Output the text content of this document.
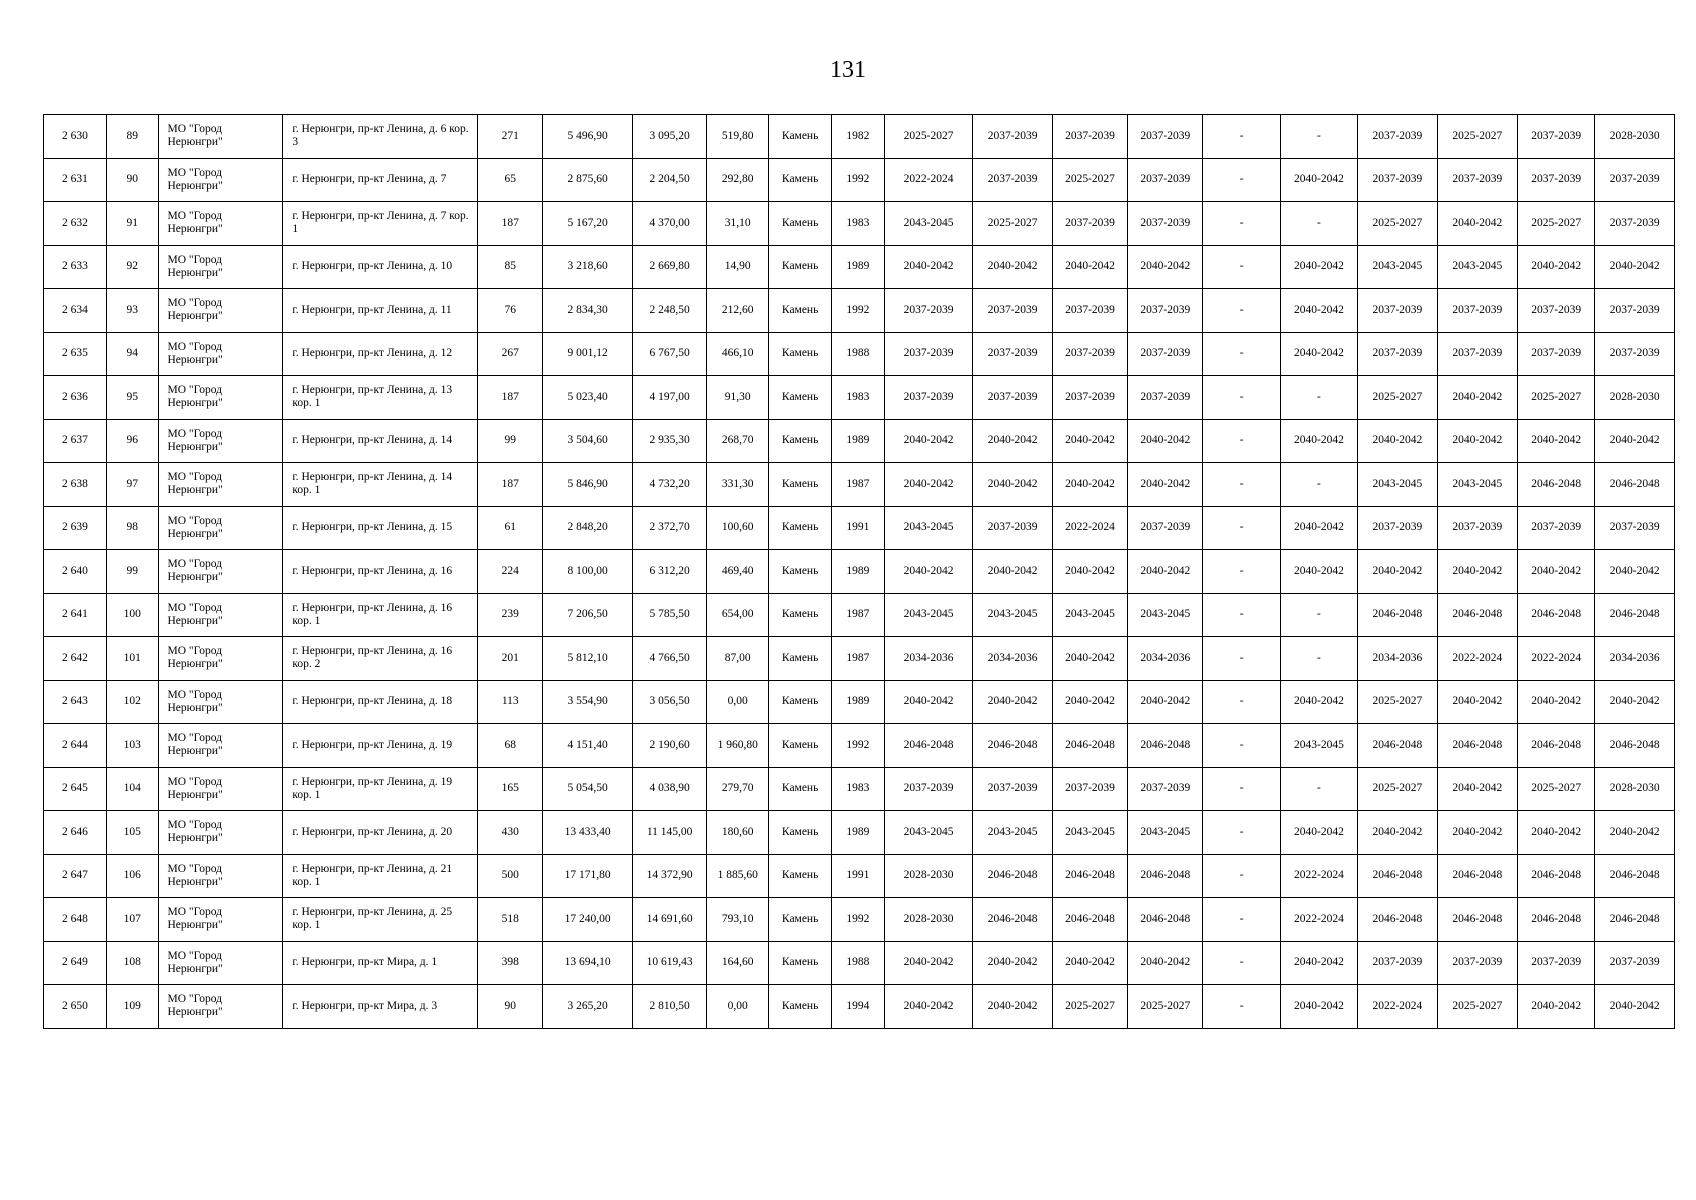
131
2 630	89	МО "Город Нерюнгри"	г. Нерюнгри, пр-кт Ленина, д. 6 кор. 3	271	5 496,90	3 095,20	519,80	Камень	1982	2025-2027	2037-2039	2037-2039	2037-2039	-	-	2037-2039	2025-2027	2037-2039	2028-2030
2 631	90	МО "Город Нерюнгри"	г. Нерюнгри, пр-кт Ленина, д. 7	65	2 875,60	2 204,50	292,80	Камень	1992	2022-2024	2037-2039	2025-2027	2037-2039	-	2040-2042	2037-2039	2037-2039	2037-2039	2037-2039
2 632	91	МО "Город Нерюнгри"	г. Нерюнгри, пр-кт Ленина, д. 7 кор. 1	187	5 167,20	4 370,00	31,10	Камень	1983	2043-2045	2025-2027	2037-2039	2037-2039	-	-	2025-2027	2040-2042	2025-2027	2037-2039
2 633	92	МО "Город Нерюнгри"	г. Нерюнгри, пр-кт Ленина, д. 10	85	3 218,60	2 669,80	14,90	Камень	1989	2040-2042	2040-2042	2040-2042	2040-2042	-	2040-2042	2043-2045	2043-2045	2040-2042	2040-2042
2 634	93	МО "Город Нерюнгри"	г. Нерюнгри, пр-кт Ленина, д. 11	76	2 834,30	2 248,50	212,60	Камень	1992	2037-2039	2037-2039	2037-2039	2037-2039	-	2040-2042	2037-2039	2037-2039	2037-2039	2037-2039
2 635	94	МО "Город Нерюнгри"	г. Нерюнгри, пр-кт Ленина, д. 12	267	9 001,12	6 767,50	466,10	Камень	1988	2037-2039	2037-2039	2037-2039	2037-2039	-	2040-2042	2037-2039	2037-2039	2037-2039	2037-2039
2 636	95	МО "Город Нерюнгри"	г. Нерюнгри, пр-кт Ленина, д. 13 кор. 1	187	5 023,40	4 197,00	91,30	Камень	1983	2037-2039	2037-2039	2037-2039	2037-2039	-	-	2025-2027	2040-2042	2025-2027	2028-2030
2 637	96	МО "Город Нерюнгри"	г. Нерюнгри, пр-кт Ленина, д. 14	99	3 504,60	2 935,30	268,70	Камень	1989	2040-2042	2040-2042	2040-2042	2040-2042	-	2040-2042	2040-2042	2040-2042	2040-2042	2040-2042
2 638	97	МО "Город Нерюнгри"	г. Нерюнгри, пр-кт Ленина, д. 14 кор. 1	187	5 846,90	4 732,20	331,30	Камень	1987	2040-2042	2040-2042	2040-2042	2040-2042	-	-	2043-2045	2043-2045	2046-2048	2046-2048
2 639	98	МО "Город Нерюнгри"	г. Нерюнгри, пр-кт Ленина, д. 15	61	2 848,20	2 372,70	100,60	Камень	1991	2043-2045	2037-2039	2022-2024	2037-2039	-	2040-2042	2037-2039	2037-2039	2037-2039	2037-2039
2 640	99	МО "Город Нерюнгри"	г. Нерюнгри, пр-кт Ленина, д. 16	224	8 100,00	6 312,20	469,40	Камень	1989	2040-2042	2040-2042	2040-2042	2040-2042	-	2040-2042	2040-2042	2040-2042	2040-2042	2040-2042
2 641	100	МО "Город Нерюнгри"	г. Нерюнгри, пр-кт Ленина, д. 16 кор. 1	239	7 206,50	5 785,50	654,00	Камень	1987	2043-2045	2043-2045	2043-2045	2043-2045	-	-	2046-2048	2046-2048	2046-2048	2046-2048
2 642	101	МО "Город Нерюнгри"	г. Нерюнгри, пр-кт Ленина, д. 16 кор. 2	201	5 812,10	4 766,50	87,00	Камень	1987	2034-2036	2034-2036	2040-2042	2034-2036	-	-	2034-2036	2022-2024	2022-2024	2034-2036
2 643	102	МО "Город Нерюнгри"	г. Нерюнгри, пр-кт Ленина, д. 18	113	3 554,90	3 056,50	0,00	Камень	1989	2040-2042	2040-2042	2040-2042	2040-2042	-	2040-2042	2025-2027	2040-2042	2040-2042	2040-2042
2 644	103	МО "Город Нерюнгри"	г. Нерюнгри, пр-кт Ленина, д. 19	68	4 151,40	2 190,60	1 960,80	Камень	1992	2046-2048	2046-2048	2046-2048	2046-2048	-	2043-2045	2046-2048	2046-2048	2046-2048	2046-2048
2 645	104	МО "Город Нерюнгри"	г. Нерюнгри, пр-кт Ленина, д. 19 кор. 1	165	5 054,50	4 038,90	279,70	Камень	1983	2037-2039	2037-2039	2037-2039	2037-2039	-	-	2025-2027	2040-2042	2025-2027	2028-2030
2 646	105	МО "Город Нерюнгри"	г. Нерюнгри, пр-кт Ленина, д. 20	430	13 433,40	11 145,00	180,60	Камень	1989	2043-2045	2043-2045	2043-2045	2043-2045	-	2040-2042	2040-2042	2040-2042	2040-2042	2040-2042
2 647	106	МО "Город Нерюнгри"	г. Нерюнгри, пр-кт Ленина, д. 21 кор. 1	500	17 171,80	14 372,90	1 885,60	Камень	1991	2028-2030	2046-2048	2046-2048	2046-2048	-	2022-2024	2046-2048	2046-2048	2046-2048	2046-2048
2 648	107	МО "Город Нерюнгри"	г. Нерюнгри, пр-кт Ленина, д. 25 кор. 1	518	17 240,00	14 691,60	793,10	Камень	1992	2028-2030	2046-2048	2046-2048	2046-2048	-	2022-2024	2046-2048	2046-2048	2046-2048	2046-2048
2 649	108	МО "Город Нерюнгри"	г. Нерюнгри, пр-кт Мира, д. 1	398	13 694,10	10 619,43	164,60	Камень	1988	2040-2042	2040-2042	2040-2042	2040-2042	-	2040-2042	2037-2039	2037-2039	2037-2039	2037-2039
2 650	109	МО "Город Нерюнгри"	г. Нерюнгри, пр-кт Мира, д. 3	90	3 265,20	2 810,50	0,00	Камень	1994	2040-2042	2040-2042	2025-2027	2025-2027	-	2040-2042	2022-2024	2025-2027	2040-2042	2040-2042
